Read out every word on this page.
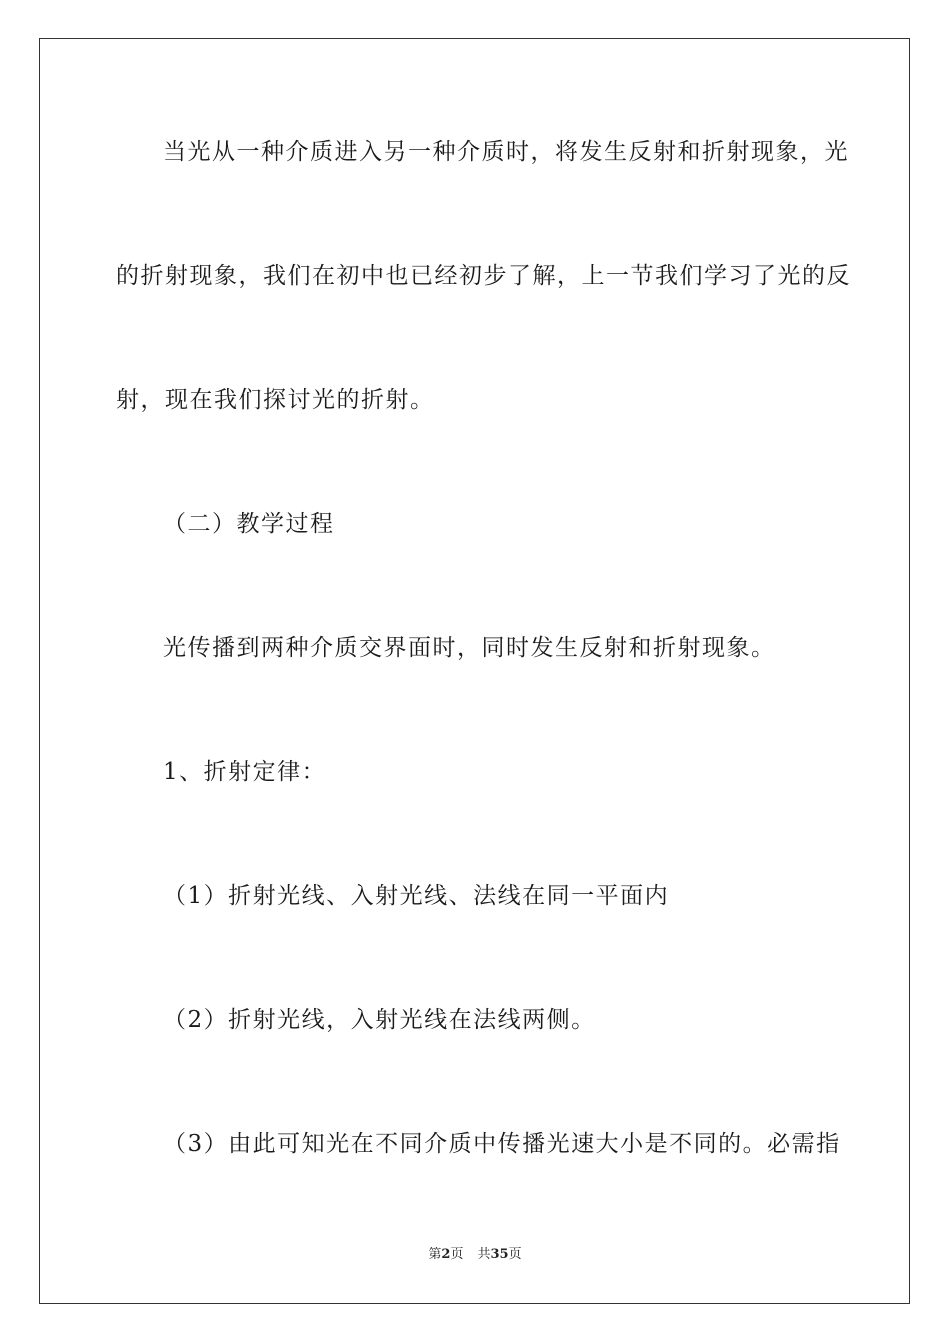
当光从一种介质进入另一种介质时，将发生反射和折射现象，光
的折射现象，我们在初中也已经初步了解，上一节我们学习了光的反
射，现在我们探讨光的折射。
（二）教学过程
光传播到两种介质交界面时，同时发生反射和折射现象。
1、折射定律：
（1）折射光线、入射光线、法线在同一平面内
（2）折射光线，入射光线在法线两侧。
（3）由此可知光在不同介质中传播光速大小是不同的。必需指
第2页 共35页
